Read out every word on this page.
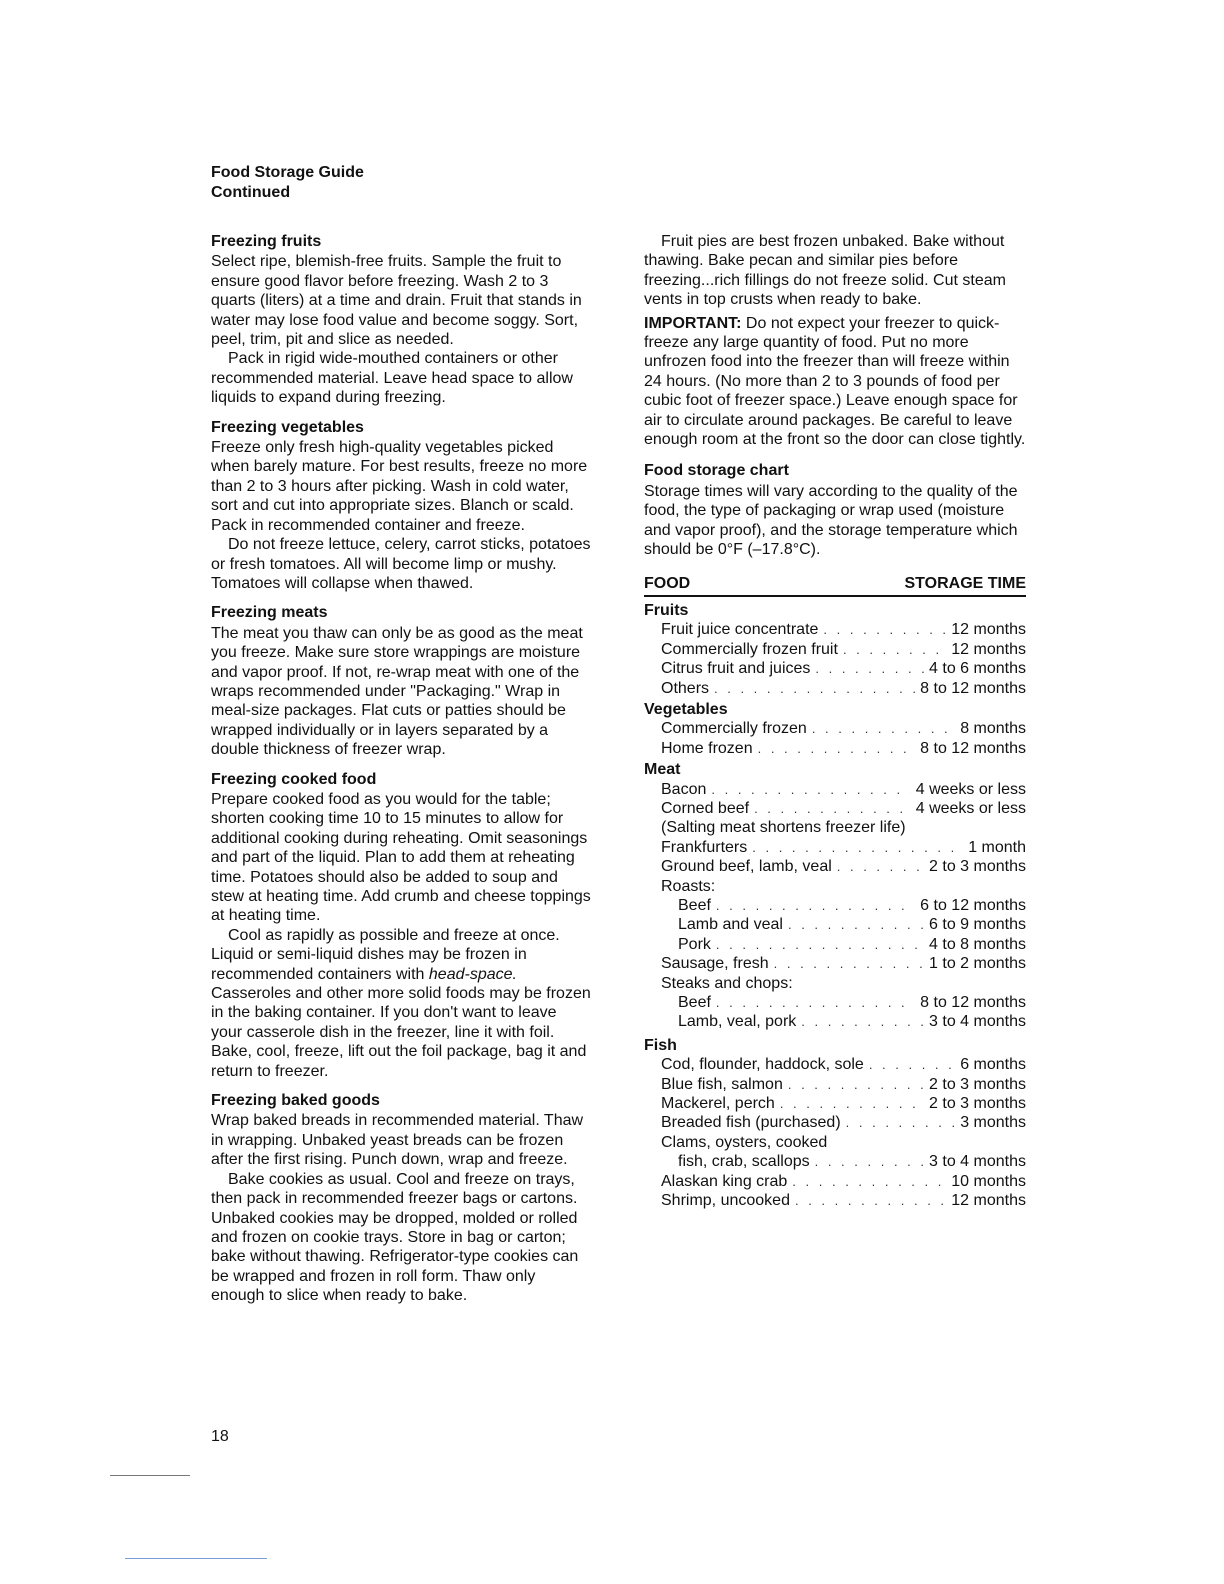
Food Storage Guide
Continued
Freezing fruits

Select ripe, blemish-free fruits. Sample the fruit to ensure good flavor before freezing. Wash 2 to 3 quarts (liters) at a time and drain. Fruit that stands in water may lose food value and become soggy. Sort, peel, trim, pit and slice as needed.

Pack in rigid wide-mouthed containers or other recommended material. Leave head space to allow liquids to expand during freezing.

Freezing vegetables

Freeze only fresh high-quality vegetables picked when barely mature. For best results, freeze no more than 2 to 3 hours after picking. Wash in cold water, sort and cut into appropriate sizes. Blanch or scald. Pack in recommended container and freeze.

Do not freeze lettuce, celery, carrot sticks, potatoes or fresh tomatoes. All will become limp or mushy. Tomatoes will collapse when thawed.

Freezing meats

The meat you thaw can only be as good as the meat you freeze. Make sure store wrappings are moisture and vapor proof. If not, re-wrap meat with one of the wraps recommended under "Packaging." Wrap in meal-size packages. Flat cuts or patties should be wrapped individually or in layers separated by a double thickness of freezer wrap.

Freezing cooked food

Prepare cooked food as you would for the table; shorten cooking time 10 to 15 minutes to allow for additional cooking during reheating. Omit seasonings and part of the liquid. Plan to add them at reheating time. Potatoes should also be added to soup and stew at heating time. Add crumb and cheese toppings at heating time.

Cool as rapidly as possible and freeze at once. Liquid or semi-liquid dishes may be frozen in recommended containers with head-space. Casseroles and other more solid foods may be frozen in the baking container. If you don't want to leave your casserole dish in the freezer, line it with foil. Bake, cool, freeze, lift out the foil package, bag it and return to freezer.

Freezing baked goods

Wrap baked breads in recommended material. Thaw in wrapping. Unbaked yeast breads can be frozen after the first rising. Punch down, wrap and freeze.

Bake cookies as usual. Cool and freeze on trays, then pack in recommended freezer bags or cartons. Unbaked cookies may be dropped, molded or rolled and frozen on cookie trays. Store in bag or carton; bake without thawing. Refrigerator-type cookies can be wrapped and frozen in roll form. Thaw only enough to slice when ready to bake.

Fruit pies are best frozen unbaked. Bake without thawing. Bake pecan and similar pies before freezing...rich fillings do not freeze solid. Cut steam vents in top crusts when ready to bake.

IMPORTANT: Do not expect your freezer to quick-freeze any large quantity of food. Put no more unfrozen food into the freezer than will freeze within 24 hours. (No more than 2 to 3 pounds of food per cubic foot of freezer space.) Leave enough space for air to circulate around packages. Be careful to leave enough room at the front so the door can close tightly.

Food storage chart

Storage times will vary according to the quality of the food, the type of packaging or wrap used (moisture and vapor proof), and the storage temperature which should be 0°F (–17.8°C).

FOOD	STORAGE TIME
Fruits
Fruit juice concentrate . . .	12 months
Commercially frozen fruit . . .	12 months
Citrus fruit and juices . . .	4 to 6 months
Others . . .	8 to 12 months
Vegetables
Commercially frozen . . .	8 months
Home frozen . . .	8 to 12 months
Meat
Bacon . . .	4 weeks or less
Corned beef . . .	4 weeks or less
(Salting meat shortens freezer life)
Frankfurters . . .	1 month
Ground beef, lamb, veal . . .	2 to 3 months
Roasts:
Beef . . .	6 to 12 months
Lamb and veal . . .	6 to 9 months
Pork . . .	4 to 8 months
Sausage, fresh . . .	1 to 2 months
Steaks and chops:
Beef . . .	8 to 12 months
Lamb, veal, pork . . .	3 to 4 months
Fish
Cod, flounder, haddock, sole . . .	6 months
Blue fish, salmon . . .	2 to 3 months
Mackerel, perch . . .	2 to 3 months
Breaded fish (purchased) . . .	3 months
Clams, oysters, cooked
fish, crab, scallops . . .	3 to 4 months
Alaskan king crab . . .	10 months
Shrimp, uncooked . . .	12 months
18
